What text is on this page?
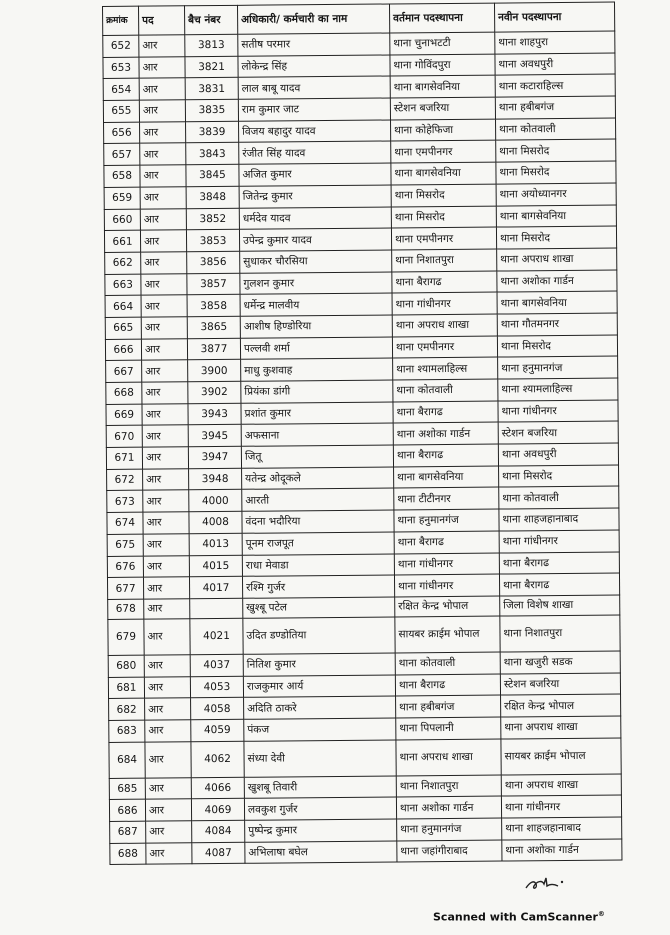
क्रमांक	पद	बैच नंबर	अधिकारी/ कर्मचारी का नाम	वर्तमान पदस्थापना	नवीन पदस्थापना
652	आर	3813	सतीष परमार	थाना चुनाभटटी	थाना शाहपुरा
653	आर	3821	लोकेन्द्र सिंह	थाना गोविंदपुरा	थाना अवधपुरी
654	आर	3831	लाल बाबू यादव	थाना बागसेवनिया	थाना कटाराहिल्स
655	आर	3835	राम कुमार जाट	स्टेशन बजरिया	थाना हबीबगंज
656	आर	3839	विजय बहादुर यादव	थाना कोहेफिजा	थाना कोतवाली
657	आर	3843	रंजीत सिंह यादव	थाना एमपीनगर	थाना मिसरोद
658	आर	3845	अजित कुमार	थाना बागसेवनिया	थाना मिसरोद
659	आर	3848	जितेन्द्र कुमार	थाना मिसरोद	थाना अयोध्यानगर
660	आर	3852	धर्मदेव यादव	थाना मिसरोद	थाना बागसेवनिया
661	आर	3853	उपेन्द्र कुमार यादव	थाना एमपीनगर	थाना मिसरोद
662	आर	3856	सुधाकर चौरसिया	थाना निशातपुरा	थाना अपराध शाखा
663	आर	3857	गुलशन कुमार	थाना बैरागढ	थाना अशोका गार्डन
664	आर	3858	धर्मेन्द्र मालवीय	थाना गांधीनगर	थाना बागसेवनिया
665	आर	3865	आशीष हिण्डोरिया	थाना अपराध शाखा	थाना गौतमनगर
666	आर	3877	पल्लवी शर्मा	थाना एमपीनगर	थाना मिसरोद
667	आर	3900	माधु कुशवाह	थाना श्यामलाहिल्स	थाना हनुमानगंज
668	आर	3902	प्रियंका डांगी	थाना कोतवाली	थाना श्यामलाहिल्स
669	आर	3943	प्रशांत कुमार	थाना बैरागढ	थाना गांधीनगर
670	आर	3945	अफसाना	थाना अशोका गार्डन	स्टेशन बजरिया
671	आर	3947	जितू	थाना बैरागढ	थाना अवधपुरी
672	आर	3948	यतेन्द्र ओदूकले	थाना बागसेवनिया	थाना मिसरोद
673	आर	4000	आरती	थाना टीटीनगर	थाना कोतवाली
674	आर	4008	वंदना भदौरिया	थाना हनुमानगंज	थाना शाहजहानाबाद
675	आर	4013	पूनम राजपूत	थाना बैरागढ	थाना गांधीनगर
676	आर	4015	राधा मेवाडा	थाना गांधीनगर	थाना बैरागढ
677	आर	4017	रश्मि गुर्जर	थाना गांधीनगर	थाना बैरागढ
678	आर		खुश्बू पटेल	रक्षित केन्द्र भोपाल	जिला विशेष शाखा
679	आर	4021	उदित डण्डोतिया	सायबर क्राईम भोपाल	थाना निशातपुरा
680	आर	4037	नितिश कुमार	थाना कोतवाली	थाना खजुरी सडक
681	आर	4053	राजकुमार आर्य	थाना बैरागढ	स्टेशन बजरिया
682	आर	4058	अदिति ठाकरे	थाना हबीबगंज	रक्षित केन्द्र भोपाल
683	आर	4059	पंकज	थाना पिपलानी	थाना अपराध शाखा
684	आर	4062	संध्या देवी	थाना अपराध शाखा	सायबर क्राईम भोपाल
685	आर	4066	खुशबू तिवारी	थाना निशातपुरा	थाना अपराध शाखा
686	आर	4069	लवकुश गुर्जर	थाना अशोका गार्डन	थाना गांधीनगर
687	आर	4084	पुष्पेन्द्र कुमार	थाना हनुमानगंज	थाना शाहजहानाबाद
688	आर	4087	अभिलाषा बघेल	थाना जहांगीराबाद	थाना अशोका गार्डन
Scanned with CamScanner®
